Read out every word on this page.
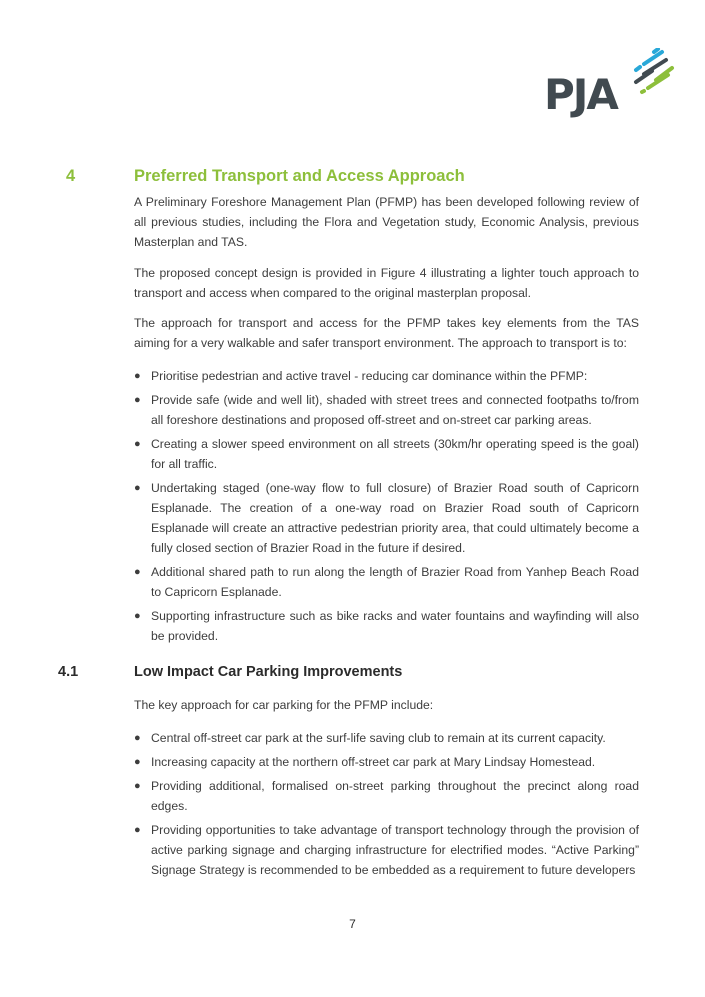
PJA
4	Preferred Transport and Access Approach

A Preliminary Foreshore Management Plan (PFMP) has been developed following review of all previous studies, including the Flora and Vegetation study, Economic Analysis, previous Masterplan and TAS.

The proposed concept design is provided in Figure 4 illustrating a lighter touch approach to transport and access when compared to the original masterplan proposal.

The approach for transport and access for the PFMP takes key elements from the TAS aiming for a very walkable and safer transport environment. The approach to transport is to:

● Prioritise pedestrian and active travel - reducing car dominance within the PFMP:
● Provide safe (wide and well lit), shaded with street trees and connected footpaths to/from all foreshore destinations and proposed off-street and on-street car parking areas.
● Creating a slower speed environment on all streets (30km/hr operating speed is the goal) for all traffic.
● Undertaking staged (one-way flow to full closure) of Brazier Road south of Capricorn Esplanade. The creation of a one-way road on Brazier Road south of Capricorn Esplanade will create an attractive pedestrian priority area, that could ultimately become a fully closed section of Brazier Road in the future if desired.
● Additional shared path to run along the length of Brazier Road from Yanhep Beach Road to Capricorn Esplanade.
● Supporting infrastructure such as bike racks and water fountains and wayfinding will also be provided.
4.1	Low Impact Car Parking Improvements

The key approach for car parking for the PFMP include:

● Central off-street car park at the surf-life saving club to remain at its current capacity.
● Increasing capacity at the northern off-street car park at Mary Lindsay Homestead.
● Providing additional, formalised on-street parking throughout the precinct along road edges.
● Providing opportunities to take advantage of transport technology through the provision of active parking signage and charging infrastructure for electrified modes. “Active Parking” Signage Strategy is recommended to be embedded as a requirement to future developers
7
